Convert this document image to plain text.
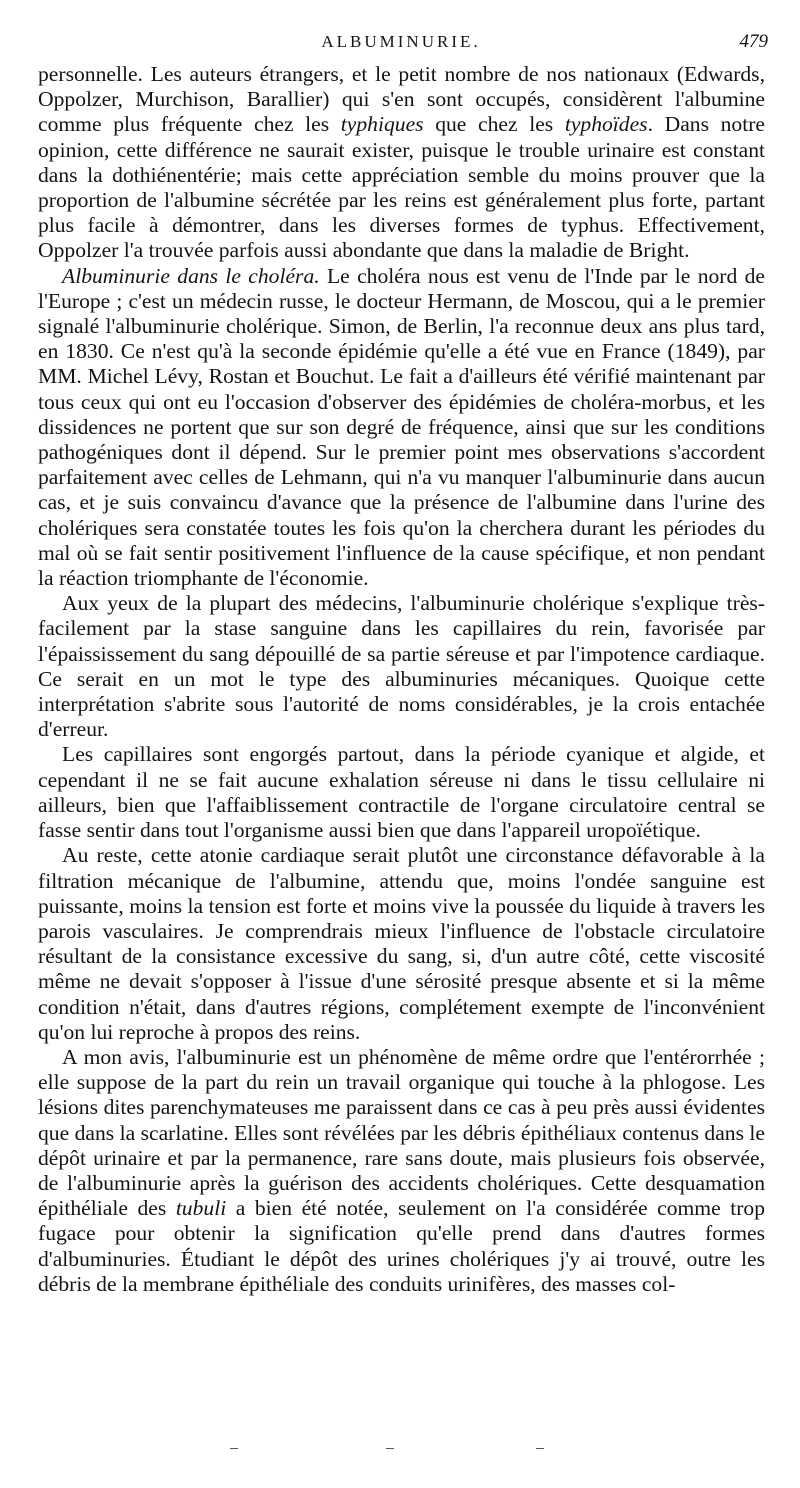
ALBUMINURIE.	479

personnelle. Les auteurs étrangers, et le petit nombre de nos nationaux (Edwards, Oppolzer, Murchison, Barallier) qui s'en sont occupés, considèrent l'albumine comme plus fréquente chez les typhiques que chez les typhoïdes. Dans notre opinion, cette différence ne saurait exister, puisque le trouble urinaire est constant dans la dothiénentérie; mais cette appréciation semble du moins prouver que la proportion de l'albumine sécrétée par les reins est généralement plus forte, partant plus facile à démontrer, dans les diverses formes de typhus. Effectivement, Oppolzer l'a trouvée parfois aussi abondante que dans la maladie de Bright.

Albuminurie dans le choléra. Le choléra nous est venu de l'Inde par le nord de l'Europe ; c'est un médecin russe, le docteur Hermann, de Moscou, qui a le premier signalé l'albuminurie cholérique. Simon, de Berlin, l'a reconnue deux ans plus tard, en 1830. Ce n'est qu'à la seconde épidémie qu'elle a été vue en France (1849), par MM. Michel Lévy, Rostan et Bouchut. Le fait a d'ailleurs été vérifié maintenant par tous ceux qui ont eu l'occasion d'observer des épidémies de choléra-morbus, et les dissidences ne portent que sur son degré de fréquence, ainsi que sur les conditions pathogéniques dont il dépend. Sur le premier point mes observations s'accordent parfaitement avec celles de Lehmann, qui n'a vu manquer l'albuminurie dans aucun cas, et je suis convaincu d'avance que la présence de l'albumine dans l'urine des cholériques sera constatée toutes les fois qu'on la cherchera durant les périodes du mal où se fait sentir positivement l'influence de la cause spécifique, et non pendant la réaction triomphante de l'économie.

Aux yeux de la plupart des médecins, l'albuminurie cholérique s'explique très-facilement par la stase sanguine dans les capillaires du rein, favorisée par l'épaississement du sang dépouillé de sa partie séreuse et par l'impotence cardiaque. Ce serait en un mot le type des albuminuries mécaniques. Quoique cette interprétation s'abrite sous l'autorité de noms considérables, je la crois entachée d'erreur.

Les capillaires sont engorgés partout, dans la période cyanique et algide, et cependant il ne se fait aucune exhalation séreuse ni dans le tissu cellulaire ni ailleurs, bien que l'affaiblissement contractile de l'organe circulatoire central se fasse sentir dans tout l'organisme aussi bien que dans l'appareil uropoïétique.

Au reste, cette atonie cardiaque serait plutôt une circonstance défavorable à la filtration mécanique de l'albumine, attendu que, moins l'ondée sanguine est puissante, moins la tension est forte et moins vive la poussée du liquide à travers les parois vasculaires. Je comprendrais mieux l'influence de l'obstacle circulatoire résultant de la consistance excessive du sang, si, d'un autre côté, cette viscosité même ne devait s'opposer à l'issue d'une sérosité presque absente et si la même condition n'était, dans d'autres régions, complétement exempte de l'inconvénient qu'on lui reproche à propos des reins.

A mon avis, l'albuminurie est un phénomène de même ordre que l'entérorrhée ; elle suppose de la part du rein un travail organique qui touche à la phlogose. Les lésions dites parenchymateuses me paraissent dans ce cas à peu près aussi évidentes que dans la scarlatine. Elles sont révélées par les débris épithéliaux contenus dans le dépôt urinaire et par la permanence, rare sans doute, mais plusieurs fois observée, de l'albuminurie après la guérison des accidents cholériques. Cette desquamation épithéliale des tubuli a bien été notée, seulement on l'a considérée comme trop fugace pour obtenir la signification qu'elle prend dans d'autres formes d'albuminuries. Étudiant le dépôt des urines cholériques j'y ai trouvé, outre les débris de la membrane épithéliale des conduits urinifères, des masses col-
